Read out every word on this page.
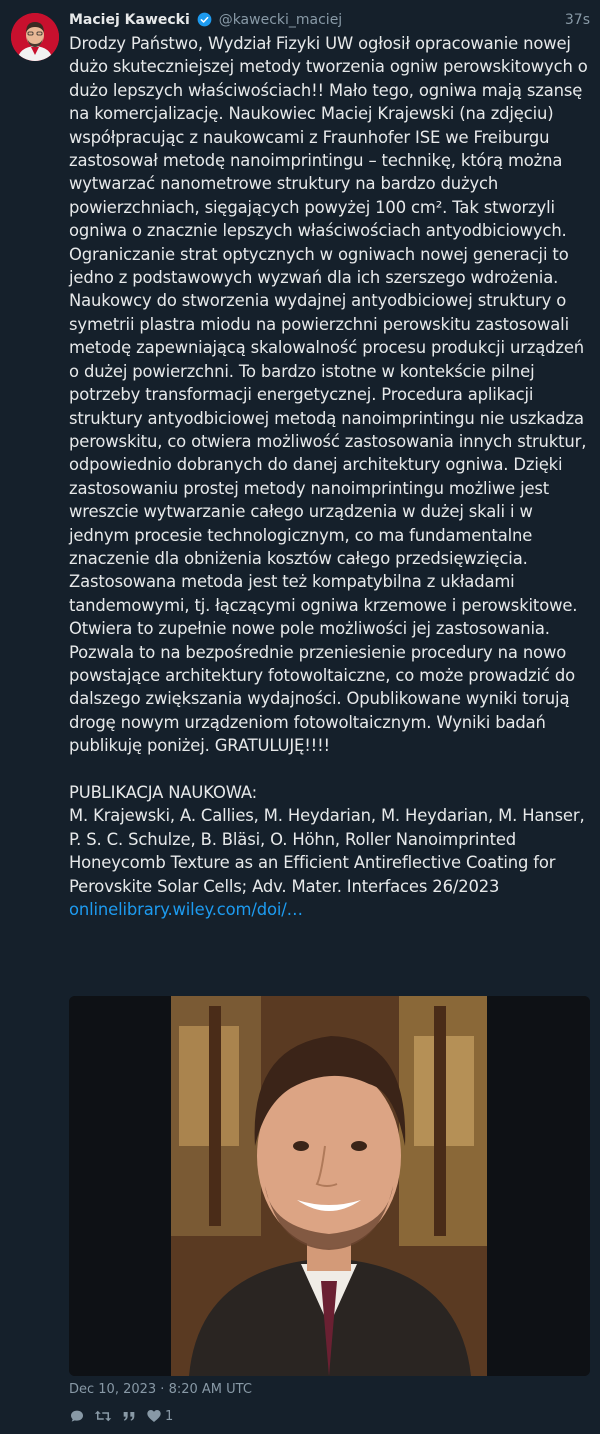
Maciej Kawecki @kawecki_maciej	37s

Drodzy Państwo, Wydział Fizyki UW ogłosił opracowanie nowej dużo skuteczniejszej metody tworzenia ogniw perowskitowych o dużo lepszych właściwościach!! Mało tego, ogniwa mają szansę na komercjalizację. Naukowiec Maciej Krajewski (na zdjęciu) współpracując z naukowcami z Fraunhofer ISE we Freiburgu zastosował metodę nanoimprintingu – technikę, którą można wytwarzać nanometrowe struktury na bardzo dużych powierzchniach, sięgających powyżej 100 cm². Tak stworzyli ogniwa o znacznie lepszych właściwościach antyodbiciowych. Ograniczanie strat optycznych w ogniwach nowej generacji to jedno z podstawowych wyzwań dla ich szerszego wdrożenia. Naukowcy do stworzenia wydajnej antyodbiciowej struktury o symetrii plastra miodu na powierzchni perowskitu zastosowali metodę zapewniającą skalowalność procesu produkcji urządzeń o dużej powierzchni. To bardzo istotne w kontekście pilnej potrzeby transformacji energetycznej. Procedura aplikacji struktury antyodbiciowej metodą nanoimprintingu nie uszkadza perowskitu, co otwiera możliwość zastosowania innych struktur, odpowiednio dobranych do danej architektury ogniwa. Dzięki zastosowaniu prostej metody nanoimprintingu możliwe jest wreszcie wytwarzanie całego urządzenia w dużej skali i w jednym procesie technologicznym, co ma fundamentalne znaczenie dla obniżenia kosztów całego przedsięwzięcia. Zastosowana metoda jest też kompatybilna z układami tandemowymi, tj. łączącymi ogniwa krzemowe i perowskitowe. Otwiera to zupełnie nowe pole możliwości jej zastosowania. Pozwala to na bezpośrednie przeniesienie procedury na nowo powstające architektury fotowoltaiczne, co może prowadzić do dalszego zwiększania wydajności. Opublikowane wyniki torują drogę nowym urządzeniom fotowoltaicznym. Wyniki badań publikuję poniżej. GRATULUJĘ!!!!

PUBLIKACJA NAUKOWA:

M. Krajewski, A. Callies, M. Heydarian, M. Heydarian, M. Hanser, P. S. C. Schulze, B. Bläsi, O. Höhn, Roller Nanoimprinted Honeycomb Texture as an Efficient Antireflective Coating for Perovskite Solar Cells; Adv. Mater. Interfaces 26/2023

onlinelibrary.wiley.com/doi/…

Dec 10, 2023 · 8:20 AM UTC
1
